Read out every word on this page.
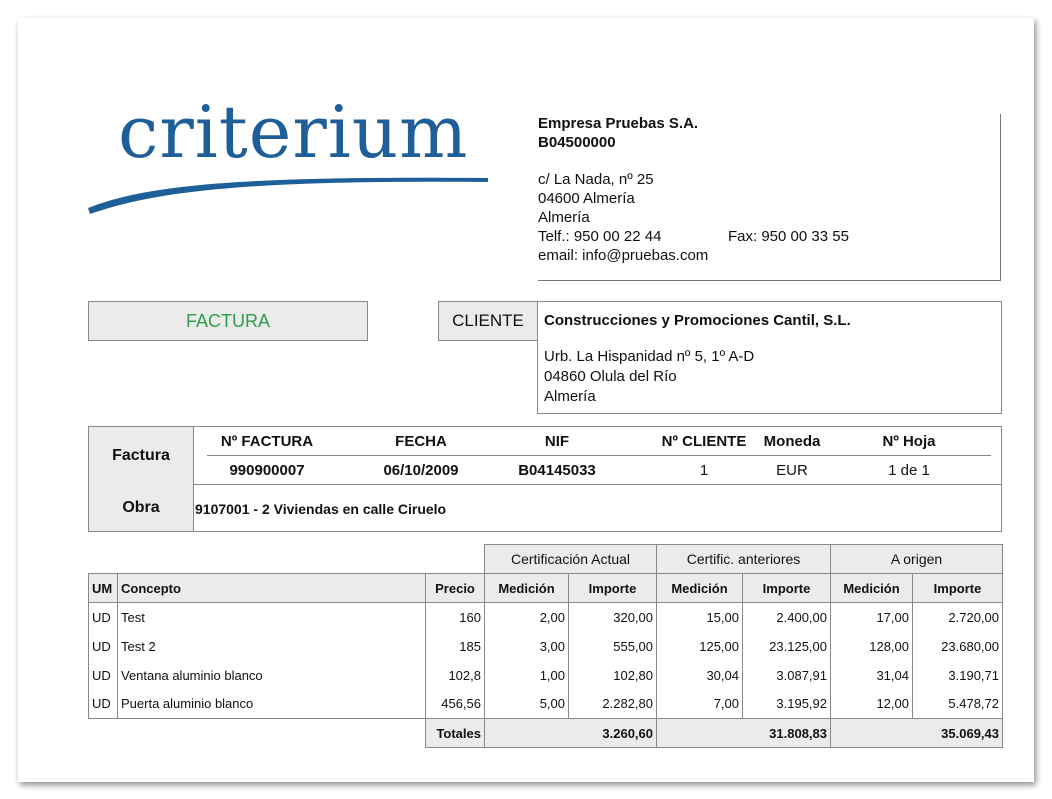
criterium	Empresa Pruebas S.A.
B04500000
c/ La Nada, nº 25
04600 Almería
Almería
Telf.: 950 00 22 44	Fax: 950 00 33 55
email: info@pruebas.com
FACTURA	CLIENTE	Construcciones y Promociones Cantil, S.L.
Urb. La Hispanidad nº 5, 1º A-D
04860 Olula del Río
Almería
Factura
Obra
Nº FACTURA	FECHA	NIF	Nº CLIENTE	Moneda	Nº Hoja
990900007	06/10/2009	B04145033	1	EUR	1 de 1
9107001 - 2 Viviendas en calle Ciruelo
			Certificación Actual		Certific. anteriores		A origen	
UM	Concepto	Precio	Medición	Importe	Medición	Importe	Medición	Importe
UD	Test	160	2,00	320,00	15,00	2.400,00	17,00	2.720,00
UD	Test 2	185	3,00	555,00	125,00	23.125,00	128,00	23.680,00
UD	Ventana aluminio blanco	102,8	1,00	102,80	30,04	3.087,91	31,04	3.190,71
UD	Puerta aluminio blanco	456,56	5,00	2.282,80	7,00	3.195,92	12,00	5.478,72
		Totales	3.260,60		31.808,83		35.069,43	
